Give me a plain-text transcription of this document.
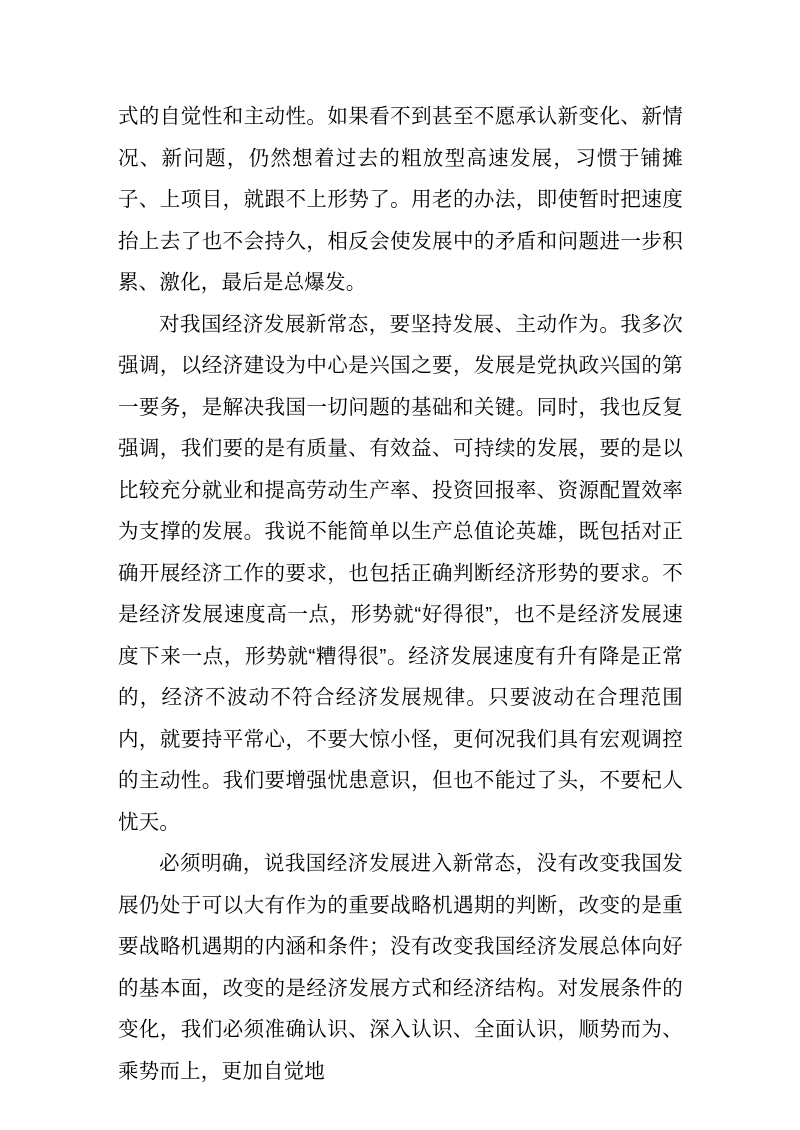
式的自觉性和主动性。如果看不到甚至不愿承认新变化、新情况、新问题，仍然想着过去的粗放型高速发展，习惯于铺摊子、上项目，就跟不上形势了。用老的办法，即使暂时把速度抬上去了也不会持久，相反会使发展中的矛盾和问题进一步积累、激化，最后是总爆发。

对我国经济发展新常态，要坚持发展、主动作为。我多次强调，以经济建设为中心是兴国之要，发展是党执政兴国的第一要务，是解决我国一切问题的基础和关键。同时，我也反复强调，我们要的是有质量、有效益、可持续的发展，要的是以比较充分就业和提高劳动生产率、投资回报率、资源配置效率为支撑的发展。我说不能简单以生产总值论英雄，既包括对正确开展经济工作的要求，也包括正确判断经济形势的要求。不是经济发展速度高一点，形势就“好得很”，也不是经济发展速度下来一点，形势就“糟得很”。经济发展速度有升有降是正常的，经济不波动不符合经济发展规律。只要波动在合理范围内，就要持平常心，不要大惊小怪，更何况我们具有宏观调控的主动性。我们要增强忧患意识，但也不能过了头，不要杞人忧天。

必须明确，说我国经济发展进入新常态，没有改变我国发展仍处于可以大有作为的重要战略机遇期的判断，改变的是重要战略机遇期的内涵和条件；没有改变我国经济发展总体向好的基本面，改变的是经济发展方式和经济结构。对发展条件的变化，我们必须准确认识、深入认识、全面认识，顺势而为、乘势而上，更加自觉地
